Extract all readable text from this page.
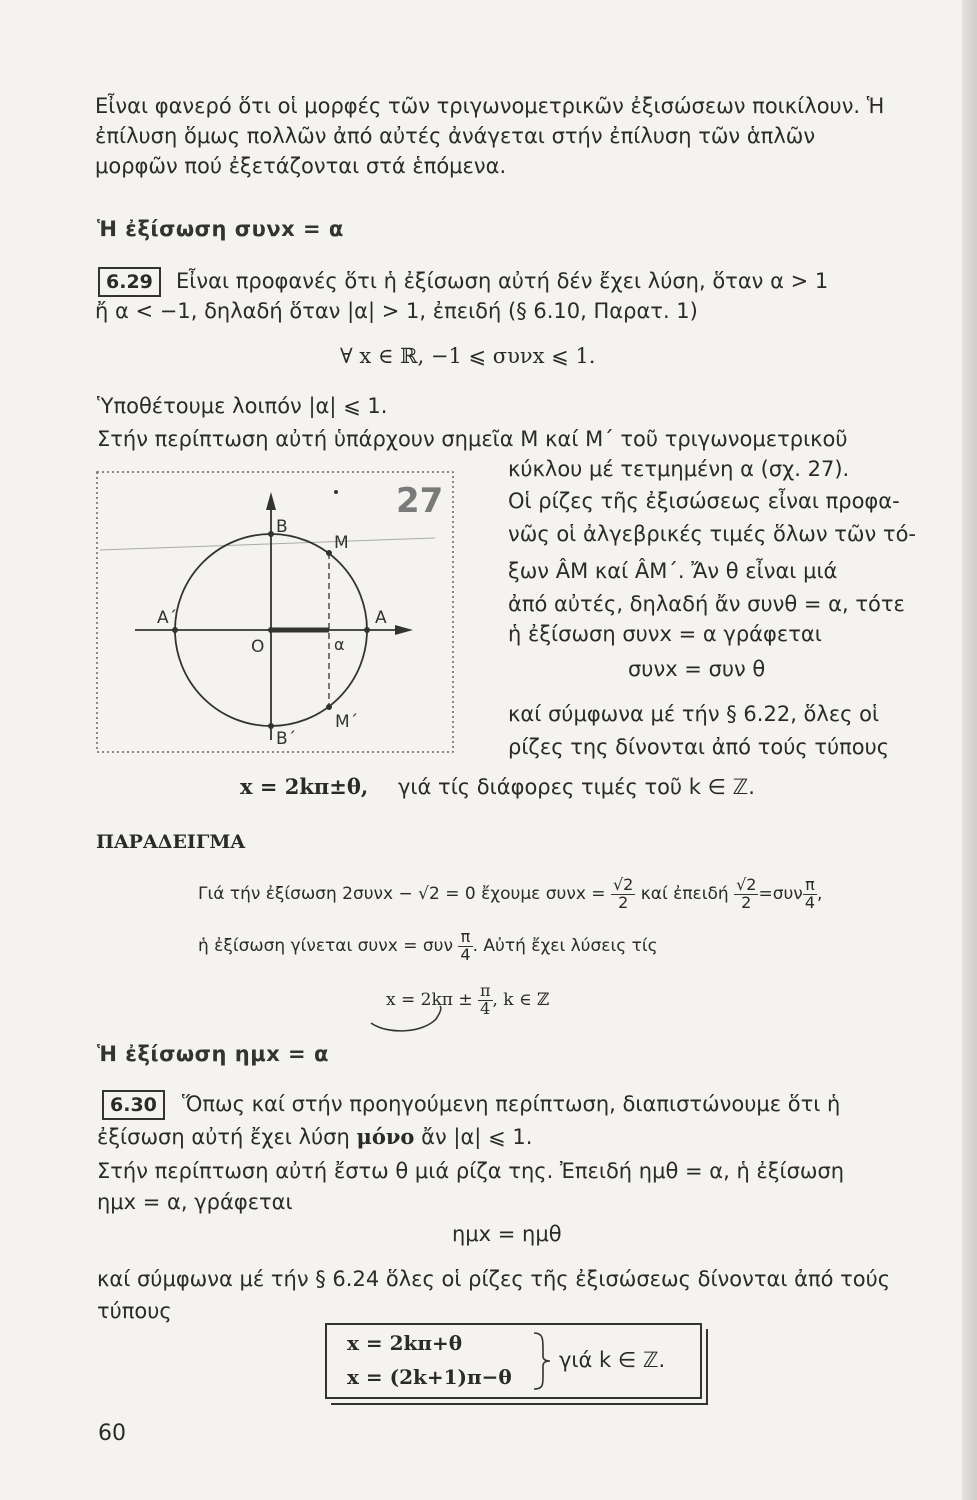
Εἶναι φανερό ὅτι οἱ μορφές τῶν τριγωνομετρικῶν ἐξισώσεων ποικίλουν. Ἡ
ἐπίλυση ὅμως πολλῶν ἀπό αὐτές ἀνάγεται στήν ἐπίλυση τῶν ἁπλῶν
μορφῶν πού ἐξετάζονται στά ἑπόμενα.
Ἡ ἐξίσωση συνx = α
6.29	Εἶναι προφανές ὅτι ἡ ἐξίσωση αὐτή δέν ἔχει λύση, ὅταν α > 1
ἤ α < −1, δηλαδή ὅταν |α| > 1, ἐπειδή (§ 6.10, Παρατ. 1)
∀ x ∈ ℝ, −1 ⩽ συνx ⩽ 1.
Ὑποθέτουμε λοιπόν |α| ⩽ 1.
Στήν περίπτωση αὐτή ὑπάρχουν σημεῖα Μ καί Μ΄ τοῦ τριγωνομετρικοῦ
κύκλου μέ τετμημένη α (σχ. 27).
Οἱ ρίζες τῆς ἐξισώσεως εἶναι προφα-
νῶς οἱ ἀλγεβρικές τιμές ὅλων τῶν τό-
ξων ÂM καί ÂM΄. Ἄν θ εἶναι μιά
ἀπό αὐτές, δηλαδή ἄν συνθ = α, τότε
ἡ ἐξίσωση συνx = α γράφεται
συνx = συν θ
καί σύμφωνα μέ τήν § 6.22, ὅλες οἱ
ρίζες της δίνονται ἀπό τούς τύπους
x = 2kπ±θ, γιά τίς διάφορες τιμές τοῦ k ∈ ℤ.
27
B
M
A
A΄
O	α
M΄
B΄
ΠΑΡΑΔΕΙΓΜΑ
Γιά τήν ἐξίσωση 2συνx − √2 = 0 ἔχουμε $\sigma\upsilon\nu x = \frac{√2}{2}$ καί ἐπειδή $\frac{√2}{2} =\sigma\upsilon\nu \frac{\pi}{4}$ ,
ἡ ἐξίσωση γίνεται συνx = συν $\frac{\pi}{4}$ . Αὐτή ἔχει λύσεις τίς
$x = 2k\pi \pm \frac{\pi}{4}$ , k ∈ ℤ
Ἡ ἐξίσωση ημx = α
6.30	Ὅπως καί στήν προηγούμενη περίπτωση, διαπιστώνουμε ὅτι ἡ
ἐξίσωση αὐτή ἔχει λύση μόνο ἄν |α| ⩽ 1.
Στήν περίπτωση αὐτή ἔστω θ μιά ρίζα της. Ἐπειδή ημθ = α, ἡ ἐξίσωση
ημx = α, γράφεται
ημx = ημθ
καί σύμφωνα μέ τήν § 6.24 ὅλες οἱ ρίζες τῆς ἐξισώσεως δίνονται ἀπό τούς
τύπους
x = 2kπ+θ
x = (2k+1)π−θ
γιά k ∈ ℤ.
60
